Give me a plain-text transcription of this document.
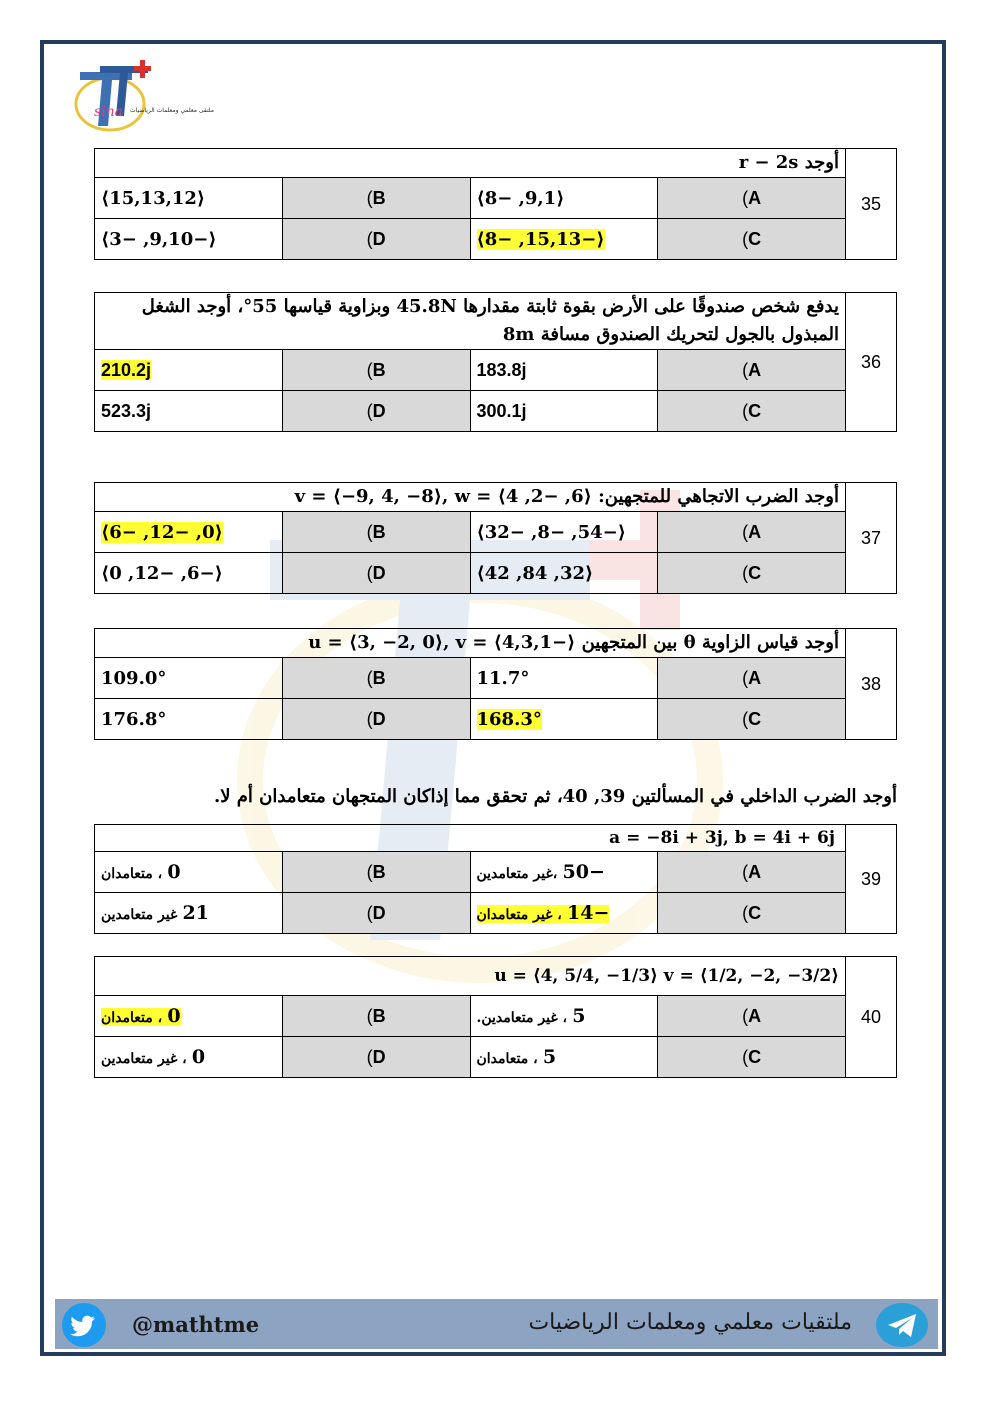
sina ملتقى معلمي ومعلمات الرياضيات
35	أوجد r − 2s			
	A)	⟨9,1, −8⟩	B)	⟨15,13,12⟩
	C)	⟨−15,13, −8⟩	D)	⟨−9,10, −3⟩
36	يدفع شخص صندوقًا على الأرض بقوة ثابتة مقدارها 45.8N وبزاوية قياسها 55°، أوجد الشغل المبذول بالجول لتحريك الصندوق مسافة 8m			
	A)	183.8j	B)	210.2j
	C)	300.1j	D)	523.3j
37	أوجد الضرب الاتجاهي للمتجهين: ⟨6, −2, 4⟩ = v = ⟨−9, 4, −8⟩, w			
	A)	⟨−54, −8, −32⟩	B)	⟨0, −12, −6⟩
	C)	⟨32, 84, 42⟩	D)	⟨−6, −12, 0⟩
38	أوجد قياس الزاوية θ بين المتجهين ⟨−4,3,1⟩ = u = ⟨3, −2, 0⟩, v			
	A)	11.7°	B)	109.0°
	C)	168.3°	D)	176.8°
أوجد الضرب الداخلي في المسألتين 39, 40، ثم تحقق مما إذاكان المتجهان متعامدان أم لا.
39	a = −8i + 3j, b = 4i + 6j			
	A)	−50 ،غير متعامدين	B)	0 ، متعامدان
	C)	−14 ، غير متعامدان	D)	21 غير متعامدين
40	u = ⟨4, 5/4, −1/3⟩ v = ⟨1/2, −2, −3/2⟩			
	A)	5 ، غير متعامدين.	B)	0 ، متعامدان
	C)	5 ، متعامدان	D)	0 ، غير متعامدين
@mathtme	ملتقيات معلمي ومعلمات الرياضيات
